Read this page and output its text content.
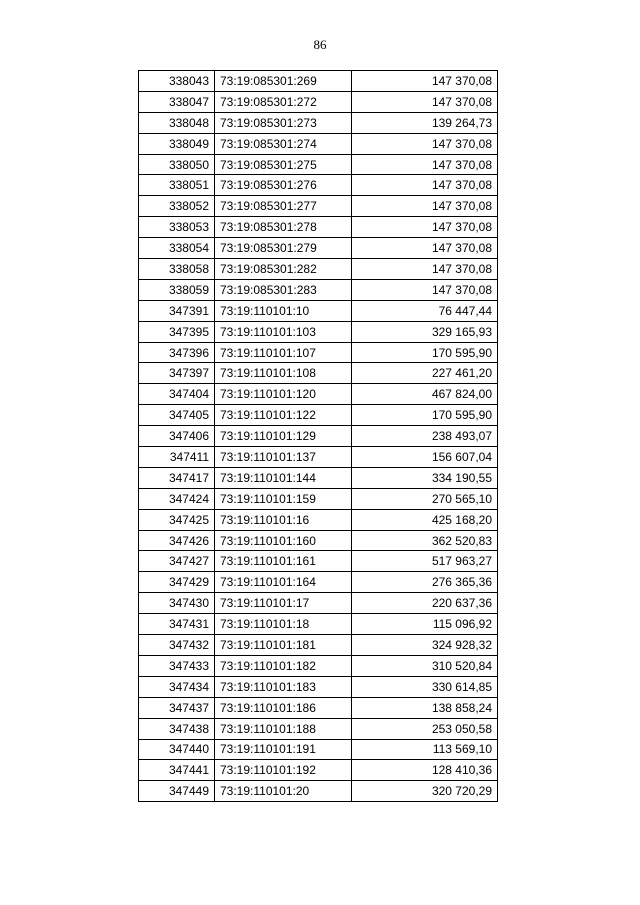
86
338043	73:19:085301:269	147 370,08
338047	73:19:085301:272	147 370,08
338048	73:19:085301:273	139 264,73
338049	73:19:085301:274	147 370,08
338050	73:19:085301:275	147 370,08
338051	73:19:085301:276	147 370,08
338052	73:19:085301:277	147 370,08
338053	73:19:085301:278	147 370,08
338054	73:19:085301:279	147 370,08
338058	73:19:085301:282	147 370,08
338059	73:19:085301:283	147 370,08
347391	73:19:110101:10	76 447,44
347395	73:19:110101:103	329 165,93
347396	73:19:110101:107	170 595,90
347397	73:19:110101:108	227 461,20
347404	73:19:110101:120	467 824,00
347405	73:19:110101:122	170 595,90
347406	73:19:110101:129	238 493,07
347411	73:19:110101:137	156 607,04
347417	73:19:110101:144	334 190,55
347424	73:19:110101:159	270 565,10
347425	73:19:110101:16	425 168,20
347426	73:19:110101:160	362 520,83
347427	73:19:110101:161	517 963,27
347429	73:19:110101:164	276 365,36
347430	73:19:110101:17	220 637,36
347431	73:19:110101:18	115 096,92
347432	73:19:110101:181	324 928,32
347433	73:19:110101:182	310 520,84
347434	73:19:110101:183	330 614,85
347437	73:19:110101:186	138 858,24
347438	73:19:110101:188	253 050,58
347440	73:19:110101:191	113 569,10
347441	73:19:110101:192	128 410,36
347449	73:19:110101:20	320 720,29
